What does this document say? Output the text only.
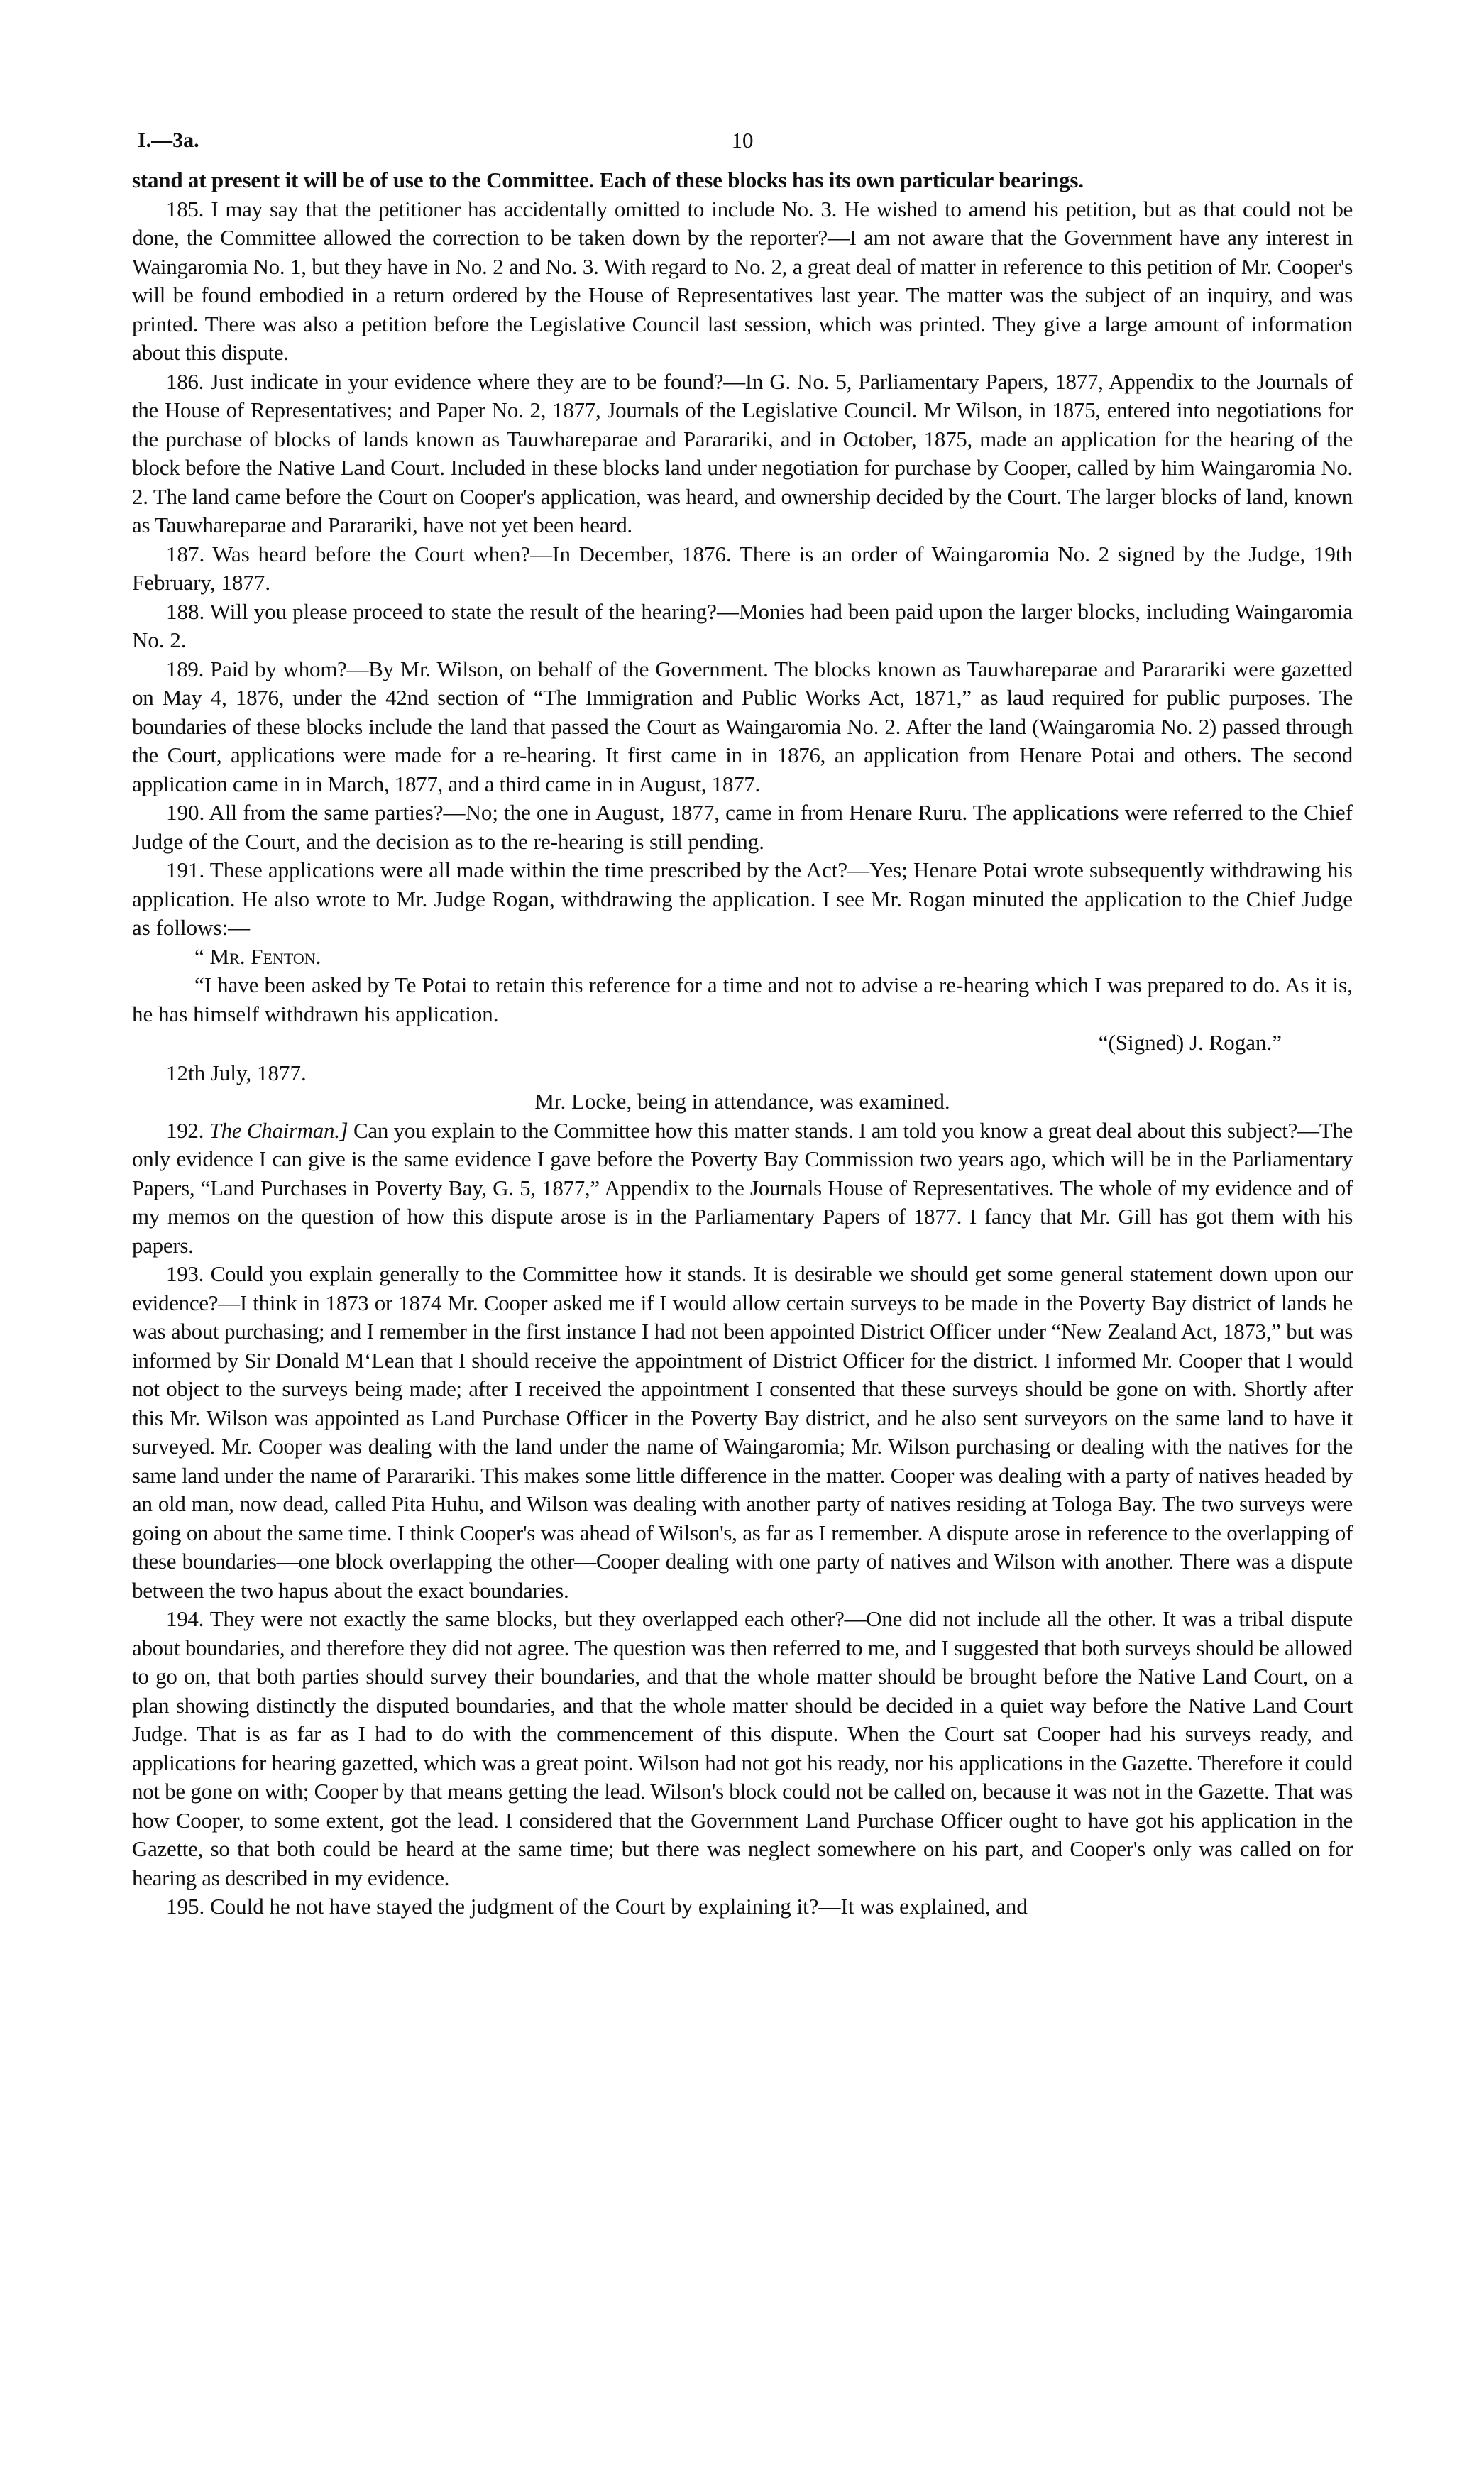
I.—3a.	10

stand at present it will be of use to the Committee. Each of these blocks has its own particular bearings.

185. I may say that the petitioner has accidentally omitted to include No. 3. He wished to amend his petition, but as that could not be done, the Committee allowed the correction to be taken down by the reporter?—I am not aware that the Government have any interest in Waingaromia No. 1, but they have in No. 2 and No. 3. With regard to No. 2, a great deal of matter in reference to this petition of Mr. Cooper's will be found embodied in a return ordered by the House of Representatives last year. The matter was the subject of an inquiry, and was printed. There was also a petition before the Legislative Council last session, which was printed. They give a large amount of information about this dispute.

186. Just indicate in your evidence where they are to be found?—In G. No. 5, Parliamentary Papers, 1877, Appendix to the Journals of the House of Representatives; and Paper No. 2, 1877, Journals of the Legislative Council. Mr Wilson, in 1875, entered into negotiations for the purchase of blocks of lands known as Tauwhareparae and Pararariki, and in October, 1875, made an application for the hearing of the block before the Native Land Court. Included in these blocks land under negotiation for purchase by Cooper, called by him Waingaromia No. 2. The land came before the Court on Cooper's application, was heard, and ownership decided by the Court. The larger blocks of land, known as Tauwhareparae and Pararariki, have not yet been heard.

187. Was heard before the Court when?—In December, 1876. There is an order of Waingaromia No. 2 signed by the Judge, 19th February, 1877.

188. Will you please proceed to state the result of the hearing?—Monies had been paid upon the larger blocks, including Waingaromia No. 2.

189. Paid by whom?—By Mr. Wilson, on behalf of the Government. The blocks known as Tauwhareparae and Pararariki were gazetted on May 4, 1876, under the 42nd section of “The Immigration and Public Works Act, 1871,” as laud required for public purposes. The boundaries of these blocks include the land that passed the Court as Waingaromia No. 2. After the land (Waingaromia No. 2) passed through the Court, applications were made for a re-hearing. It first came in in 1876, an application from Henare Potai and others. The second application came in in March, 1877, and a third came in in August, 1877.

190. All from the same parties?—No; the one in August, 1877, came in from Henare Ruru. The applications were referred to the Chief Judge of the Court, and the decision as to the re-hearing is still pending.

191. These applications were all made within the time prescribed by the Act?—Yes; Henare Potai wrote subsequently withdrawing his application. He also wrote to Mr. Judge Rogan, withdrawing the application. I see Mr. Rogan minuted the application to the Chief Judge as follows:—

“ Mr. Fenton.

“I have been asked by Te Potai to retain this reference for a time and not to advise a re-hearing which I was prepared to do. As it is, he has himself withdrawn his application.

“(Signed) J. Rogan.”

12th July, 1877.

Mr. Locke, being in attendance, was examined.

192. The Chairman.] Can you explain to the Committee how this matter stands. I am told you know a great deal about this subject?—The only evidence I can give is the same evidence I gave before the Poverty Bay Commission two years ago, which will be in the Parliamentary Papers, “Land Purchases in Poverty Bay, G. 5, 1877,” Appendix to the Journals House of Representatives. The whole of my evidence and of my memos on the question of how this dispute arose is in the Parliamentary Papers of 1877. I fancy that Mr. Gill has got them with his papers.

193. Could you explain generally to the Committee how it stands. It is desirable we should get some general statement down upon our evidence?—I think in 1873 or 1874 Mr. Cooper asked me if I would allow certain surveys to be made in the Poverty Bay district of lands he was about purchasing; and I remember in the first instance I had not been appointed District Officer under “New Zealand Act, 1873,” but was informed by Sir Donald M‘Lean that I should receive the appointment of District Officer for the district. I informed Mr. Cooper that I would not object to the surveys being made; after I received the appointment I consented that these surveys should be gone on with. Shortly after this Mr. Wilson was appointed as Land Purchase Officer in the Poverty Bay district, and he also sent surveyors on the same land to have it surveyed. Mr. Cooper was dealing with the land under the name of Waingaromia; Mr. Wilson purchasing or dealing with the natives for the same land under the name of Pararariki. This makes some little difference in the matter. Cooper was dealing with a party of natives headed by an old man, now dead, called Pita Huhu, and Wilson was dealing with another party of natives residing at Tologa Bay. The two surveys were going on about the same time. I think Cooper's was ahead of Wilson's, as far as I remember. A dispute arose in reference to the overlapping of these boundaries—one block overlapping the other—Cooper dealing with one party of natives and Wilson with another. There was a dispute between the two hapus about the exact boundaries.

194. They were not exactly the same blocks, but they overlapped each other?—One did not include all the other. It was a tribal dispute about boundaries, and therefore they did not agree. The question was then referred to me, and I suggested that both surveys should be allowed to go on, that both parties should survey their boundaries, and that the whole matter should be brought before the Native Land Court, on a plan showing distinctly the disputed boundaries, and that the whole matter should be decided in a quiet way before the Native Land Court Judge. That is as far as I had to do with the commencement of this dispute. When the Court sat Cooper had his surveys ready, and applications for hearing gazetted, which was a great point. Wilson had not got his ready, nor his applications in the Gazette. Therefore it could not be gone on with; Cooper by that means getting the lead. Wilson's block could not be called on, because it was not in the Gazette. That was how Cooper, to some extent, got the lead. I considered that the Government Land Purchase Officer ought to have got his application in the Gazette, so that both could be heard at the same time; but there was neglect somewhere on his part, and Cooper's only was called on for hearing as described in my evidence.

195. Could he not have stayed the judgment of the Court by explaining it?—It was explained, and
